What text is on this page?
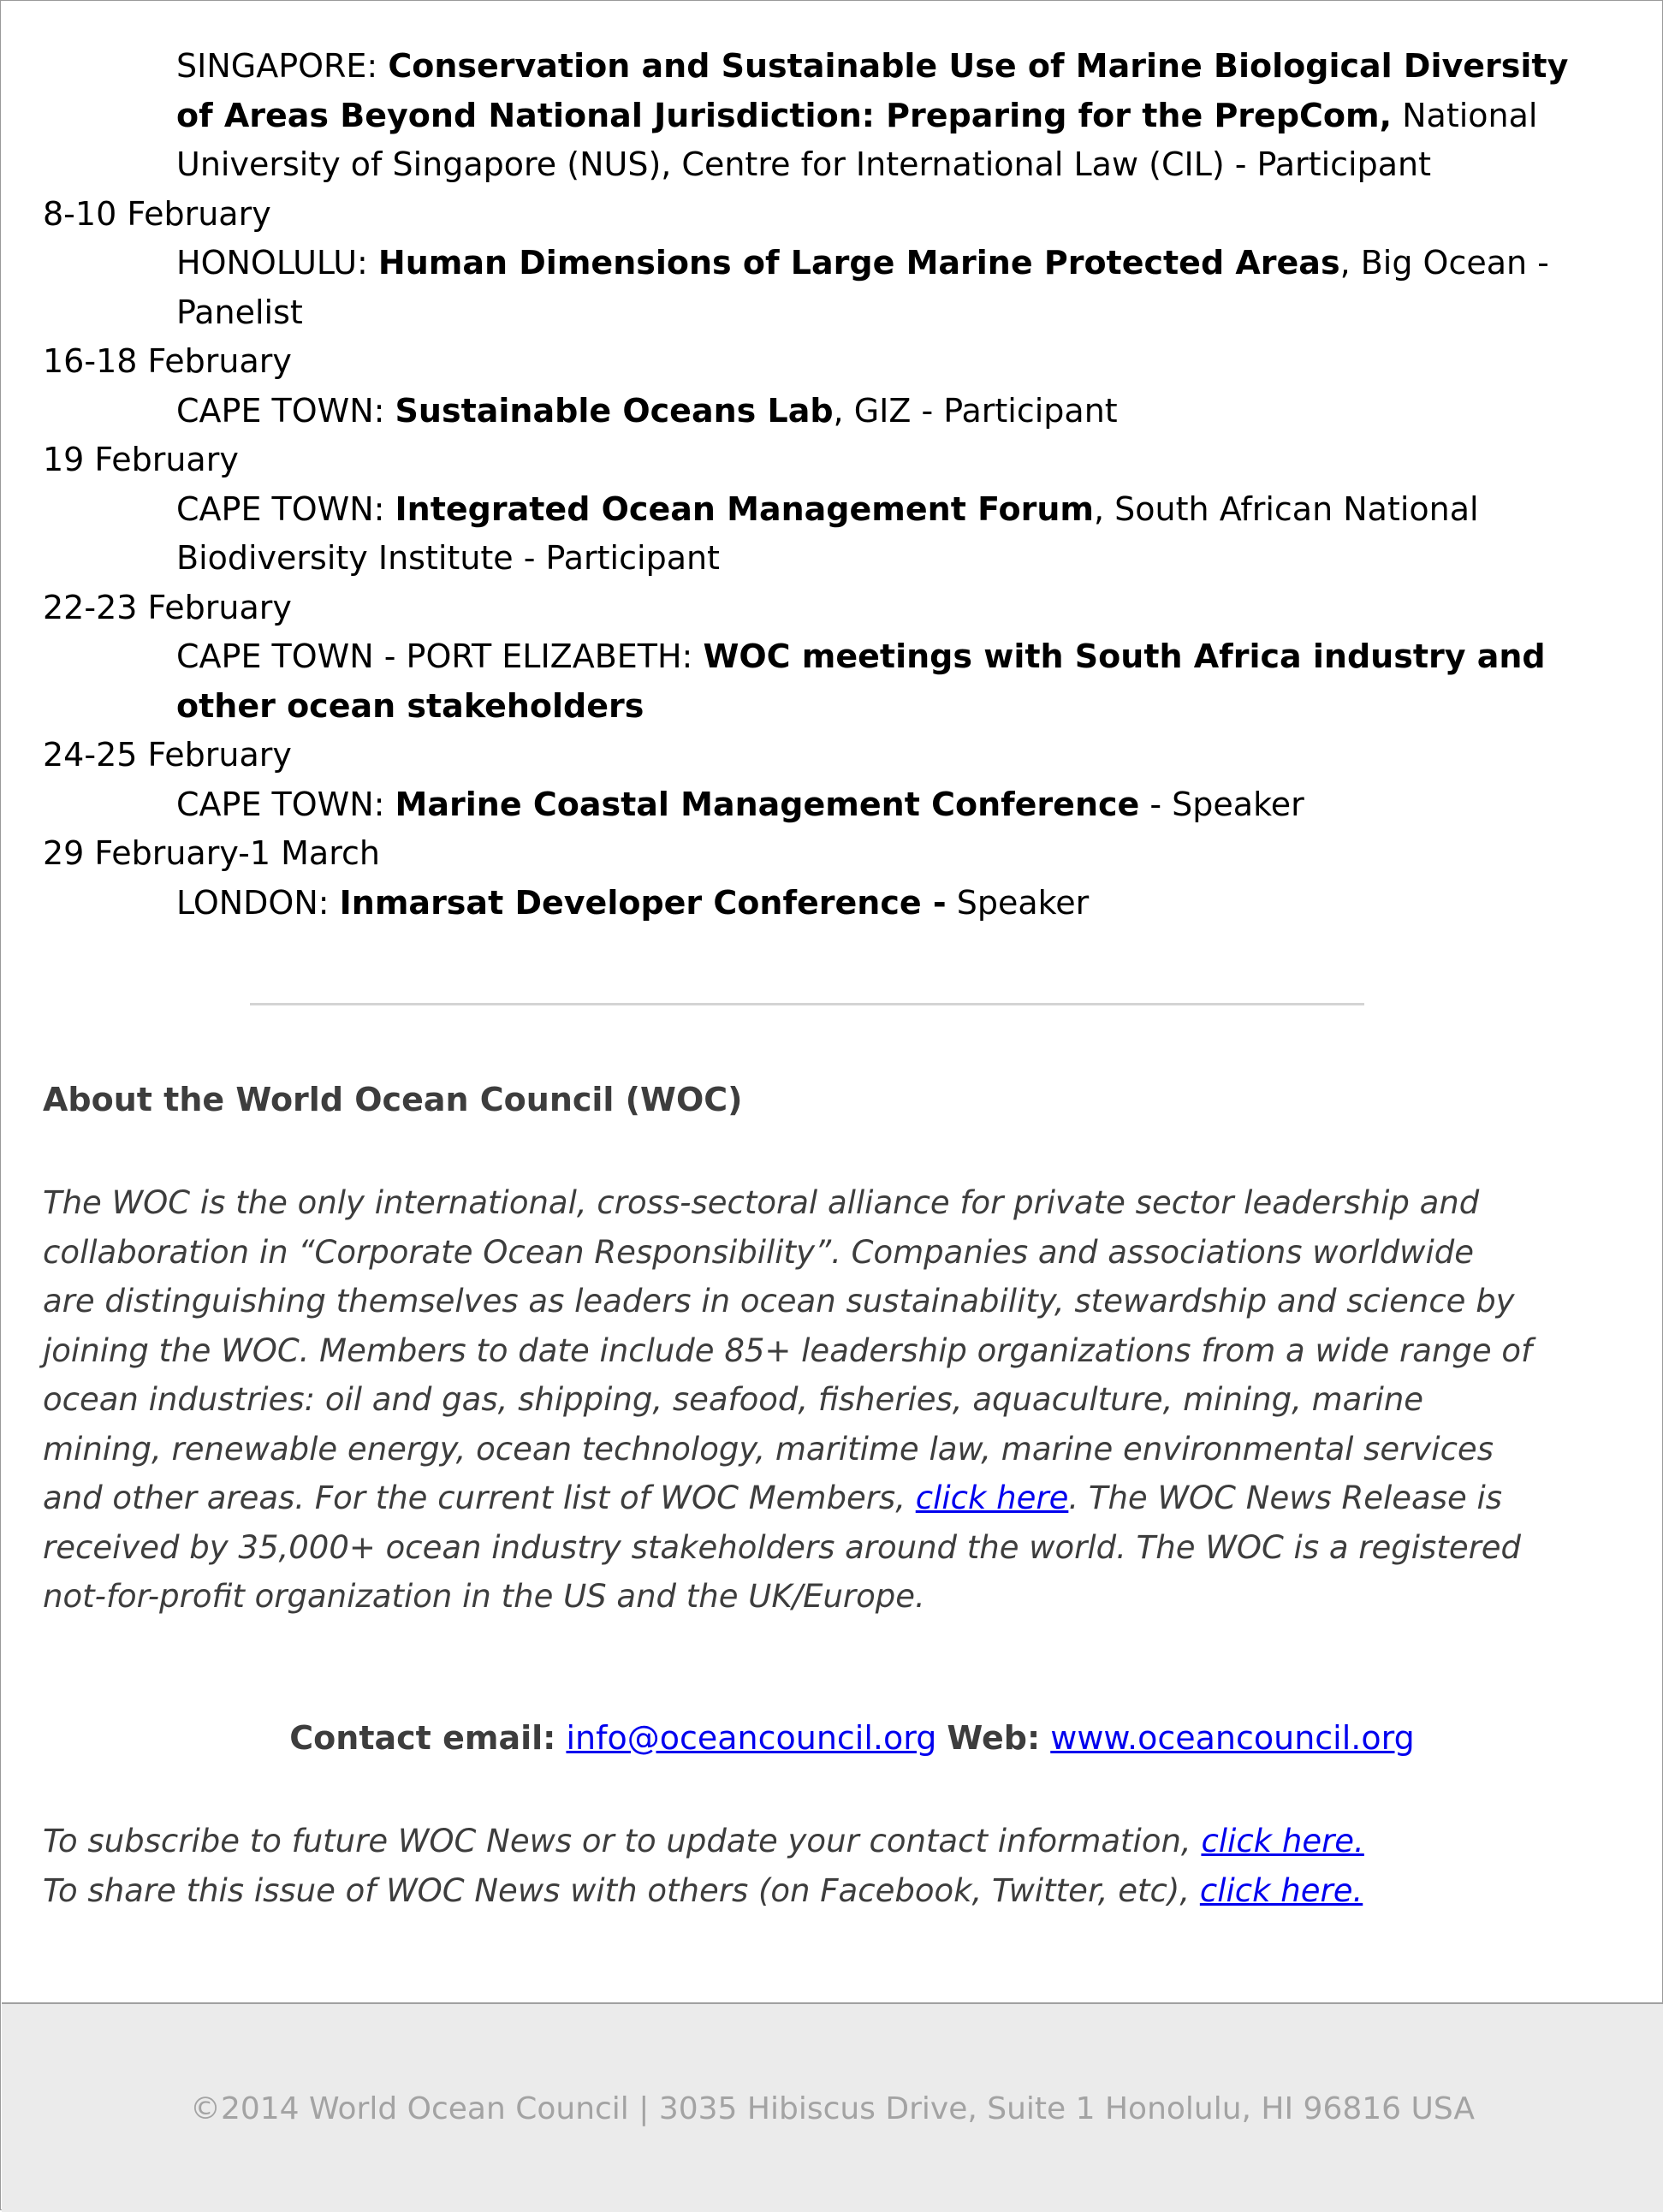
SINGAPORE: Conservation and Sustainable Use of Marine Biological Diversity of Areas Beyond National Jurisdiction: Preparing for the PrepCom, National University of Singapore (NUS), Centre for International Law (CIL) - Participant
8-10 February
HONOLULU: Human Dimensions of Large Marine Protected Areas, Big Ocean - Panelist
16-18 February
CAPE TOWN: Sustainable Oceans Lab, GIZ - Participant
19 February
CAPE TOWN: Integrated Ocean Management Forum, South African National Biodiversity Institute - Participant
22-23 February
CAPE TOWN - PORT ELIZABETH: WOC meetings with South Africa industry and other ocean stakeholders
24-25 February
CAPE TOWN: Marine Coastal Management Conference - Speaker
29 February-1 March
LONDON: Inmarsat Developer Conference - Speaker
About the World Ocean Council (WOC)
The WOC is the only international, cross-sectoral alliance for private sector leadership and collaboration in “Corporate Ocean Responsibility”. Companies and associations worldwide are distinguishing themselves as leaders in ocean sustainability, stewardship and science by joining the WOC. Members to date include 85+ leadership organizations from a wide range of ocean industries: oil and gas, shipping, seafood, fisheries, aquaculture, mining, marine mining, renewable energy, ocean technology, maritime law, marine environmental services and other areas. For the current list of WOC Members, click here. The WOC News Release is received by 35,000+ ocean industry stakeholders around the world. The WOC is a registered not-for-profit organization in the US and the UK/Europe.
Contact email: info@oceancouncil.org Web: www.oceancouncil.org
To subscribe to future WOC News or to update your contact information, click here.
To share this issue of WOC News with others (on Facebook, Twitter, etc), click here.
©2014 World Ocean Council | 3035 Hibiscus Drive, Suite 1 Honolulu, HI 96816 USA
